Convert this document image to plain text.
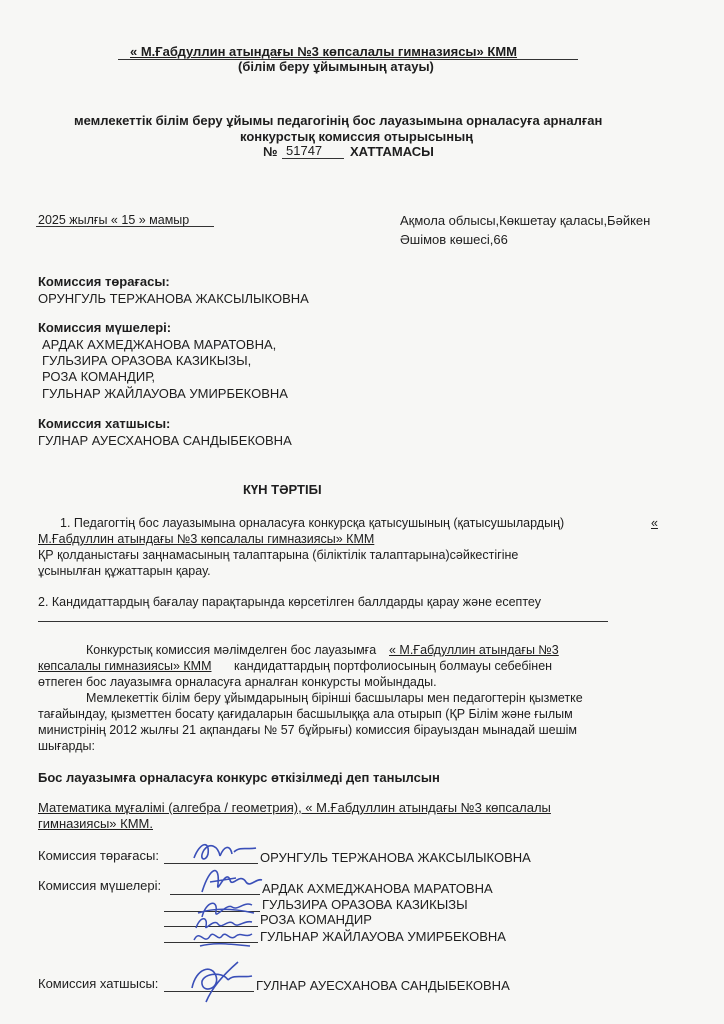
« М.Ғабдуллин атындағы №3 көпсалалы гимназиясы» КММ
(білім беру ұйымының атауы)
мемлекеттік білім беру ұйымы педагогінің бос лауазымына орналасуға арналған
конкурстық комиссия отырысының
№ 51747 ХАТТАМАСЫ
2025 жылғы « 15 » мамыр	Ақмола облысы,Көкшетау қаласы,Бәйкен
Әшімов көшесі,66
Комиссия төрағасы:
ОРУНГУЛЬ ТЕРЖАНОВА ЖАКСЫЛЫКОВНА
Комиссия мүшелері:
АРДАК АХМЕДЖАНОВА МАРАТОВНА,
ГУЛЬЗИРА ОРАЗОВА КАЗИКЫЗЫ,
РОЗА КОМАНДИР,
ГУЛЬНАР ЖАЙЛАУОВА УМИРБЕКОВНА
Комиссия хатшысы:
ГУЛНАР АУЕСХАНОВА САНДЫБЕКОВНА
КҮН ТӘРТІБІ
1. Педагогтің бос лауазымына орналасуға конкурсқа қатысушының (қатысушылардың)	«
М.Ғабдуллин атындағы №3 көпсалалы гимназиясы» КММ
ҚР қолданыстағы заңнамасының талаптарына (біліктілік талаптарына)сәйкестігіне
ұсынылған құжаттарын қарау.
2. Кандидаттардың бағалау парақтарында көрсетілген баллдарды қарау және есептеу
Конкурстық комиссия мәлімделген бос лауазымға « М.Ғабдуллин атындағы №3
көпсалалы гимназиясы» КММ кандидаттардың портфолиосының болмауы себебінен
өтпеген бос лауазымға орналасуға арналған конкурсты мойындады.
Мемлекеттік білім беру ұйымдарының бірінші басшылары мен педагогтерін қызметке
тағайындау, қызметтен босату қағидаларын басшылыққа ала отырып (ҚР Білім және ғылым
министрінің 2012 жылғы 21 ақпандағы № 57 бұйрығы) комиссия бірауыздан мынадай шешім
шығарды:
Бос лауазымға орналасуға конкурс өткізілмеді деп танылсын
Математика мұғалімі (алгебра / геометрия), « М.Ғабдуллин атындағы №3 көпсалалы
гимназиясы» КММ.
Комиссия төрағасы:	ОРУНГУЛЬ ТЕРЖАНОВА ЖАКСЫЛЫКОВНА
Комиссия мүшелері:	АРДАК АХМЕДЖАНОВА МАРАТОВНА
ГУЛЬЗИРА ОРАЗОВА КАЗИКЫЗЫ
РОЗА КОМАНДИР
ГУЛЬНАР ЖАЙЛАУОВА УМИРБЕКОВНА
Комиссия хатшысы:	ГУЛНАР АУЕСХАНОВА САНДЫБЕКОВНА
